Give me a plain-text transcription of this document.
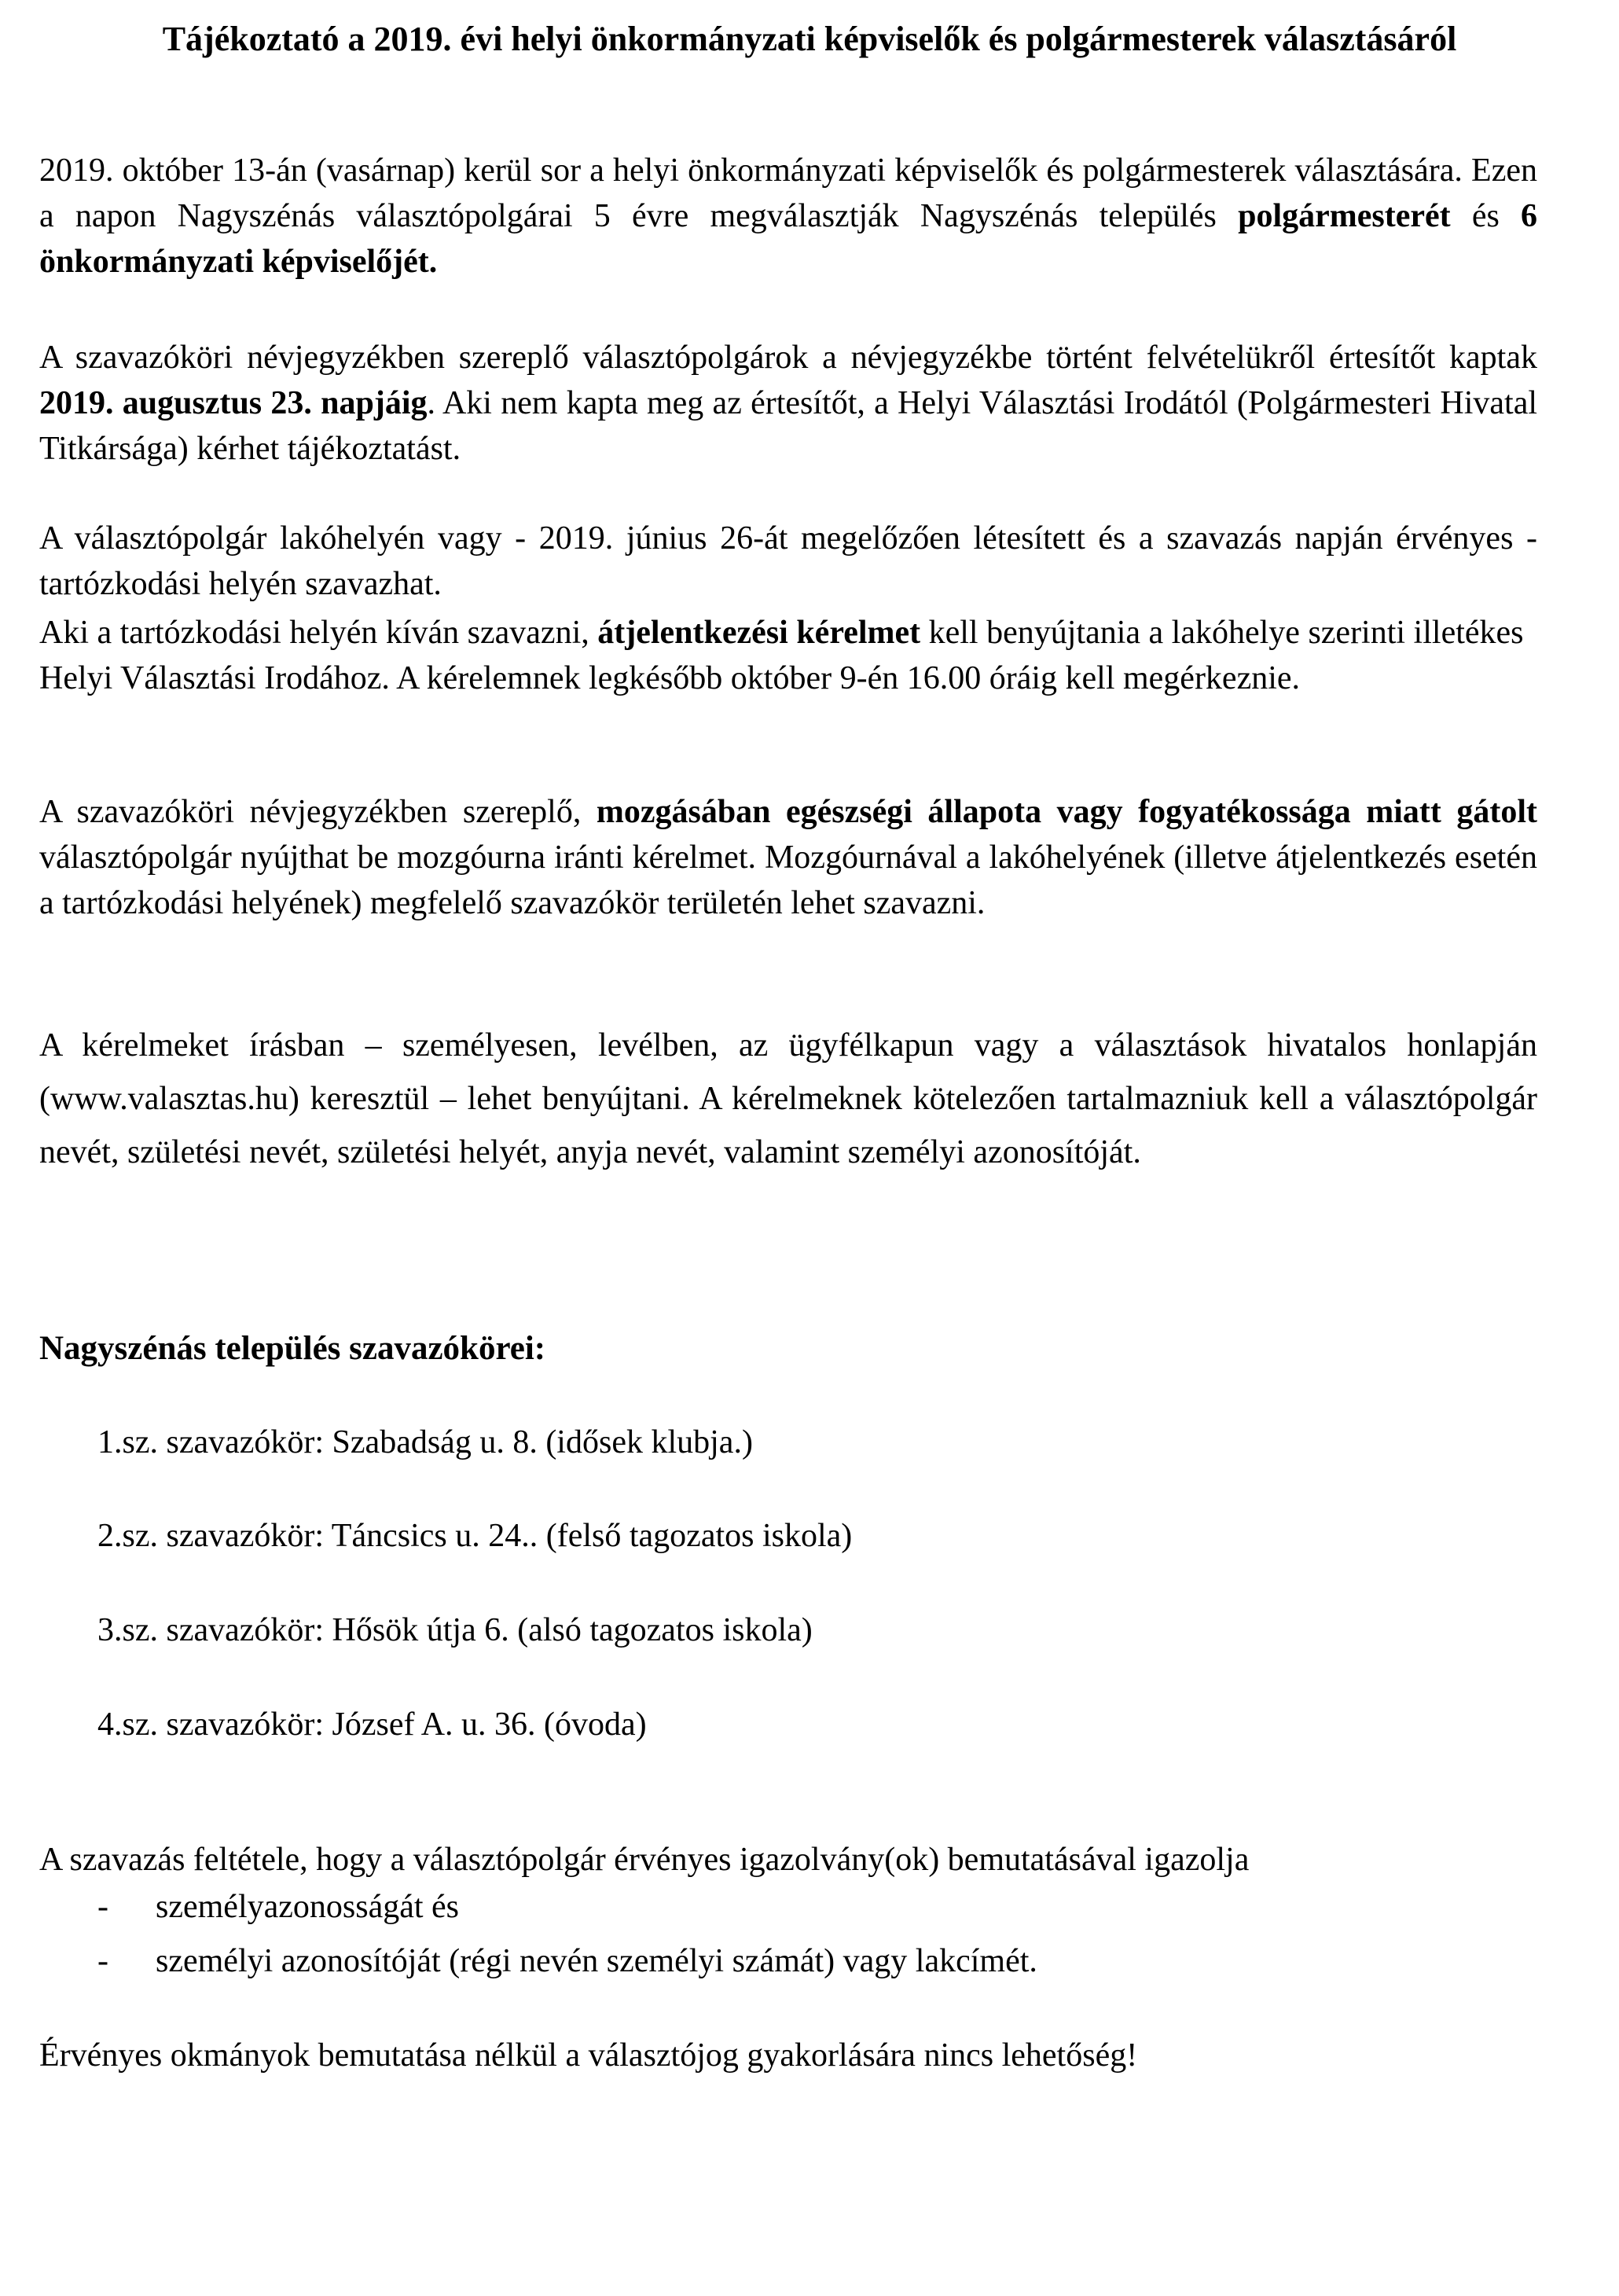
Tájékoztató a 2019. évi helyi önkormányzati képviselők és polgármesterek választásáról
2019. október 13-án (vasárnap) kerül sor a helyi önkormányzati képviselők és polgármesterek választására. Ezen a napon Nagyszénás választópolgárai 5 évre megválasztják Nagyszénás település polgármesterét és 6 önkormányzati képviselőjét.
A szavazóköri névjegyzékben szereplő választópolgárok a névjegyzékbe történt felvételükről értesítőt kaptak 2019. augusztus 23. napjáig. Aki nem kapta meg az értesítőt, a Helyi Választási Irodától (Polgármesteri Hivatal Titkársága) kérhet tájékoztatást.
A választópolgár lakóhelyén vagy - 2019. június 26-át megelőzően létesített és a szavazás napján érvényes - tartózkodási helyén szavazhat.
Aki a tartózkodási helyén kíván szavazni, átjelentkezési kérelmet kell benyújtania a lakóhelye szerinti illetékes Helyi Választási Irodához. A kérelemnek legkésőbb október 9-én 16.00 óráig kell megérkeznie.
A szavazóköri névjegyzékben szereplő, mozgásában egészségi állapota vagy fogyatékossága miatt gátolt választópolgár nyújthat be mozgóurna iránti kérelmet. Mozgóurnával a lakóhelyének (illetve átjelentkezés esetén a tartózkodási helyének) megfelelő szavazókör területén lehet szavazni.
A kérelmeket írásban – személyesen, levélben, az ügyfélkapun vagy a választások hivatalos honlapján (www.valasztas.hu) keresztül – lehet benyújtani. A kérelmeknek kötelezően tartalmazniuk kell a választópolgár nevét, születési nevét, születési helyét, anyja nevét, valamint személyi azonosítóját.
Nagyszénás település szavazókörei:
1.sz. szavazókör: Szabadság u. 8. (idősek klubja.)
2.sz. szavazókör: Táncsics u. 24.. (felső tagozatos iskola)
3.sz. szavazókör: Hősök útja 6. (alsó tagozatos iskola)
4.sz. szavazókör: József A. u. 36. (óvoda)
A szavazás feltétele, hogy a választópolgár érvényes igazolvány(ok) bemutatásával igazolja
- személyazonosságát és
- személyi azonosítóját (régi nevén személyi számát) vagy lakcímét.
Érvényes okmányok bemutatása nélkül a választójog gyakorlására nincs lehetőség!
